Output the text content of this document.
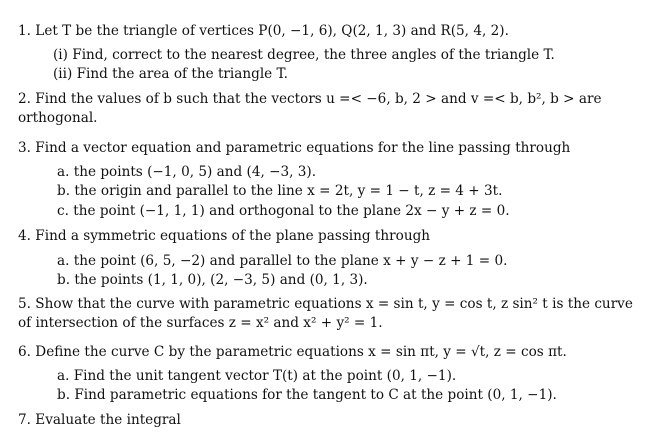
1. Let T be the triangle of vertices P(0, −1, 6), Q(2, 1, 3) and R(5, 4, 2).
(i) Find, correct to the nearest degree, the three angles of the triangle T.
(ii) Find the area of the triangle T.
2. Find the values of b such that the vectors u =< −6, b, 2 > and v =< b, b², b > are
orthogonal.
3. Find a vector equation and parametric equations for the line passing through
a. the points (−1, 0, 5) and (4, −3, 3).
b. the origin and parallel to the line x = 2t, y = 1 − t, z = 4 + 3t.
c. the point (−1, 1, 1) and orthogonal to the plane 2x − y + z = 0.
4. Find a symmetric equations of the plane passing through
a. the point (6, 5, −2) and parallel to the plane x + y − z + 1 = 0.
b. the points (1, 1, 0), (2, −3, 5) and (0, 1, 3).
5. Show that the curve with parametric equations x = sin t, y = cos t, z sin² t is the curve
of intersection of the surfaces z = x² and x² + y² = 1.
6. Define the curve C by the parametric equations x = sin πt, y = √t, z = cos πt.
a. Find the unit tangent vector T(t) at the point (0, 1, −1).
b. Find parametric equations for the tangent to C at the point (0, 1, −1).
7. Evaluate the integral
